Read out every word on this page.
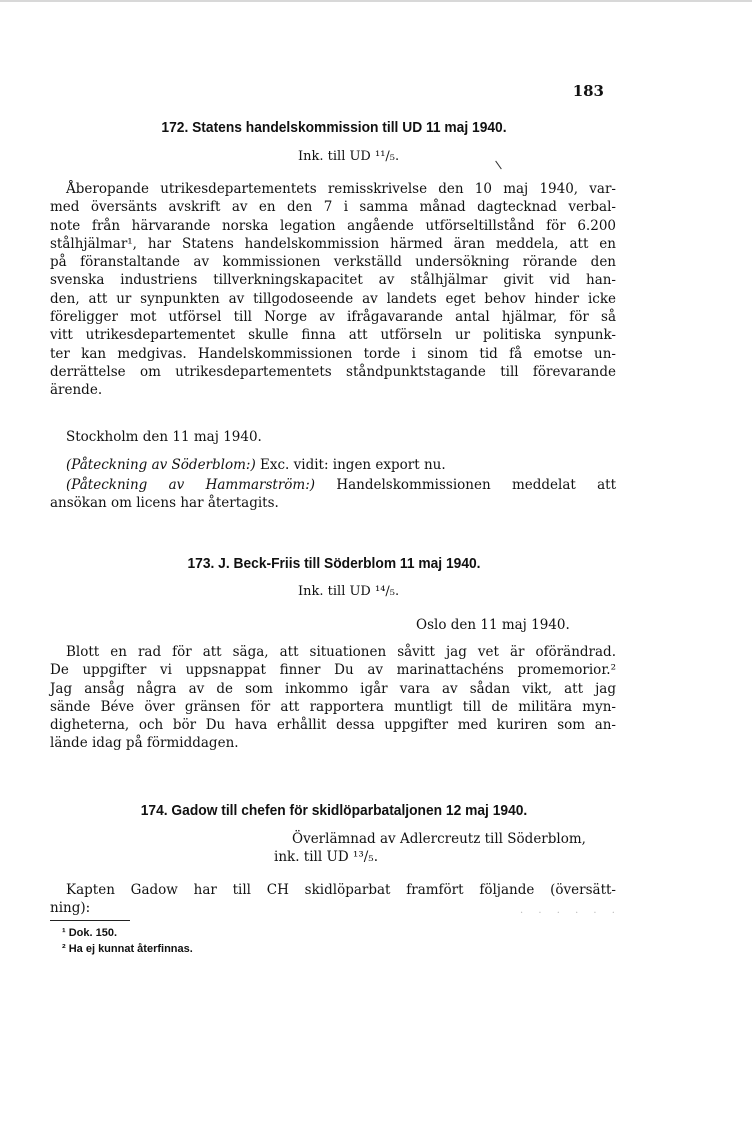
183
172. Statens handelskommission till UD 11 maj 1940.
Ink. till UD ¹¹/₅.
Åberopande utrikesdepartementets remisskrivelse den 10 maj 1940, var-
med översänts avskrift av en den 7 i samma månad dagtecknad verbal-
note från härvarande norska legation angående utförseltillstånd för 6.200
stålhjälmar¹, har Statens handelskommission härmed äran meddela, att en
på föranstaltande av kommissionen verkställd undersökning rörande den
svenska industriens tillverkningskapacitet av stålhjälmar givit vid han-
den, att ur synpunkten av tillgodoseende av landets eget behov hinder icke
föreligger mot utförsel till Norge av ifrågavarande antal hjälmar, för så
vitt utrikesdepartementet skulle finna att utförseln ur politiska synpunk-
ter kan medgivas. Handelskommissionen torde i sinom tid få emotse un-
derrättelse om utrikesdepartementets ståndpunktstagande till förevarande
ärende.
Stockholm den 11 maj 1940.
(Påteckning av Söderblom:) Exc. vidit: ingen export nu.
(Påteckning av Hammarström:) Handelskommissionen meddelat att
ansökan om licens har återtagits.
173. J. Beck-Friis till Söderblom 11 maj 1940.
Ink. till UD ¹⁴/₅.
Oslo den 11 maj 1940.
Blott en rad för att säga, att situationen såvitt jag vet är oförändrad.
De uppgifter vi uppsnappat finner Du av marinattachéns promemorior.²
Jag ansåg några av de som inkommo igår vara av sådan vikt, att jag
sände Béve över gränsen för att rapportera muntligt till de militära myn-
digheterna, och bör Du hava erhållit dessa uppgifter med kuriren som an-
lände idag på förmiddagen.
174. Gadow till chefen för skidlöparbataljonen 12 maj 1940.
Överlämnad av Adlercreutz till Söderblom,
ink. till UD ¹³/₅.
Kapten Gadow har till CH skidlöparbat framfört följande (översätt-
ning):	· · · · · ·
¹ Dok. 150.
² Ha ej kunnat återfinnas.
